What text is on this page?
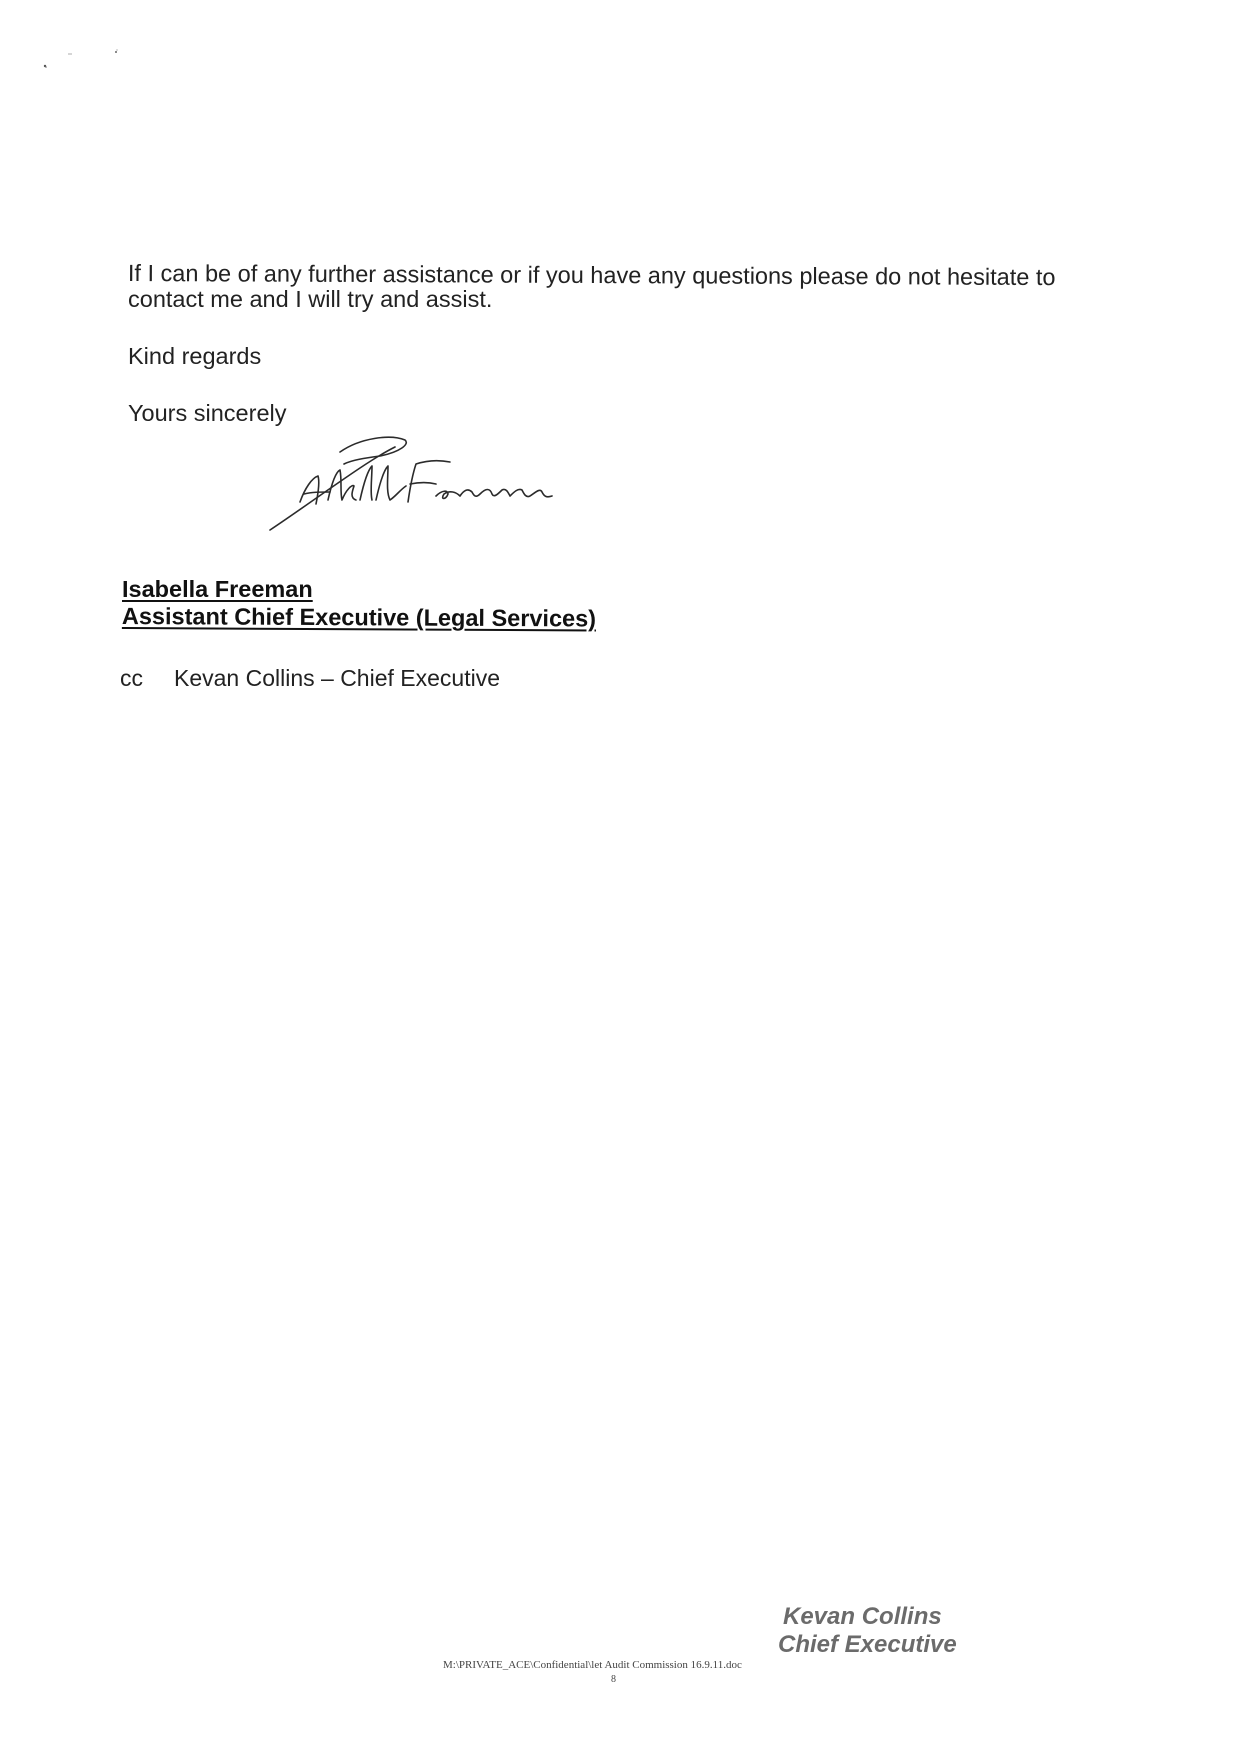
If I can be of any further assistance or if you have any questions please do not hesitate to
contact me and I will try and assist.
Kind regards
Yours sincerely
Isabella Freeman
Assistant Chief Executive (Legal Services)
cc Kevan Collins – Chief Executive
Kevan Collins
Chief Executive
M:\PRIVATE_ACE\Confidential\let Audit Commission 16.9.11.doc
8
